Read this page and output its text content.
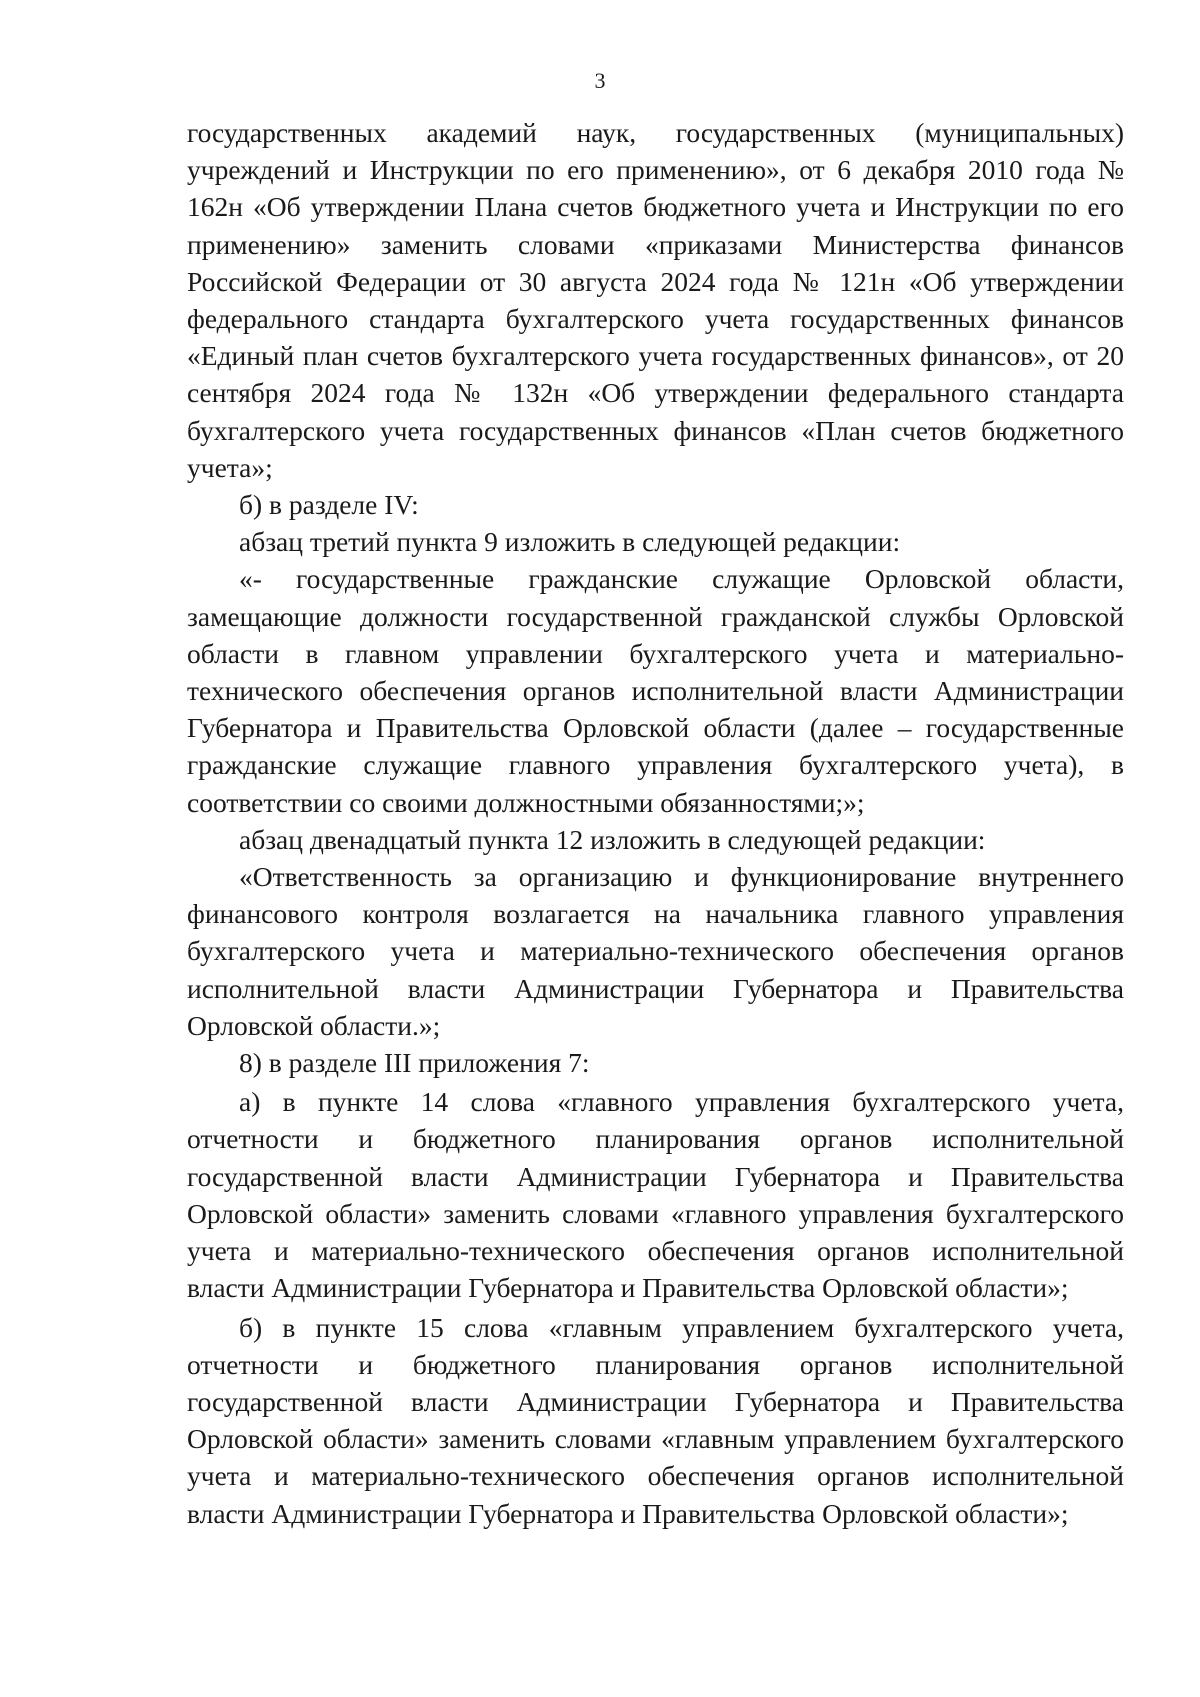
3

государственных академий наук, государственных (муниципальных) учреждений и Инструкции по его применению», от 6 декабря 2010 года № 162н «Об утверждении Плана счетов бюджетного учета и Инструкции по его применению» заменить словами «приказами Министерства финансов Российской Федерации от 30 августа 2024 года № 121н «Об утверждении федерального стандарта бухгалтерского учета государственных финансов «Единый план счетов бухгалтерского учета государственных финансов», от 20 сентября 2024 года № 132н «Об утверждении федерального стандарта бухгалтерского учета государственных финансов «План счетов бюджетного учета»;

б) в разделе IV:

абзац третий пункта 9 изложить в следующей редакции:

«- государственные гражданские служащие Орловской области, замещающие должности государственной гражданской службы Орловской области в главном управлении бухгалтерского учета и материально-технического обеспечения органов исполнительной власти Администрации Губернатора и Правительства Орловской области (далее – государственные гражданские служащие главного управления бухгалтерского учета), в соответствии со своими должностными обязанностями;»;

абзац двенадцатый пункта 12 изложить в следующей редакции:

«Ответственность за организацию и функционирование внутреннего финансового контроля возлагается на начальника главного управления бухгалтерского учета и материально-технического обеспечения органов исполнительной власти Администрации Губернатора и Правительства Орловской области.»;

8) в разделе III приложения 7:

а) в пункте 14 слова «главного управления бухгалтерского учета, отчетности и бюджетного планирования органов исполнительной государственной власти Администрации Губернатора и Правительства Орловской области» заменить словами «главного управления бухгалтерского учета и материально-технического обеспечения органов исполнительной власти Администрации Губернатора и Правительства Орловской области»;

б) в пункте 15 слова «главным управлением бухгалтерского учета, отчетности и бюджетного планирования органов исполнительной государственной власти Администрации Губернатора и Правительства Орловской области» заменить словами «главным управлением бухгалтерского учета и материально-технического обеспечения органов исполнительной власти Администрации Губернатора и Правительства Орловской области»;
